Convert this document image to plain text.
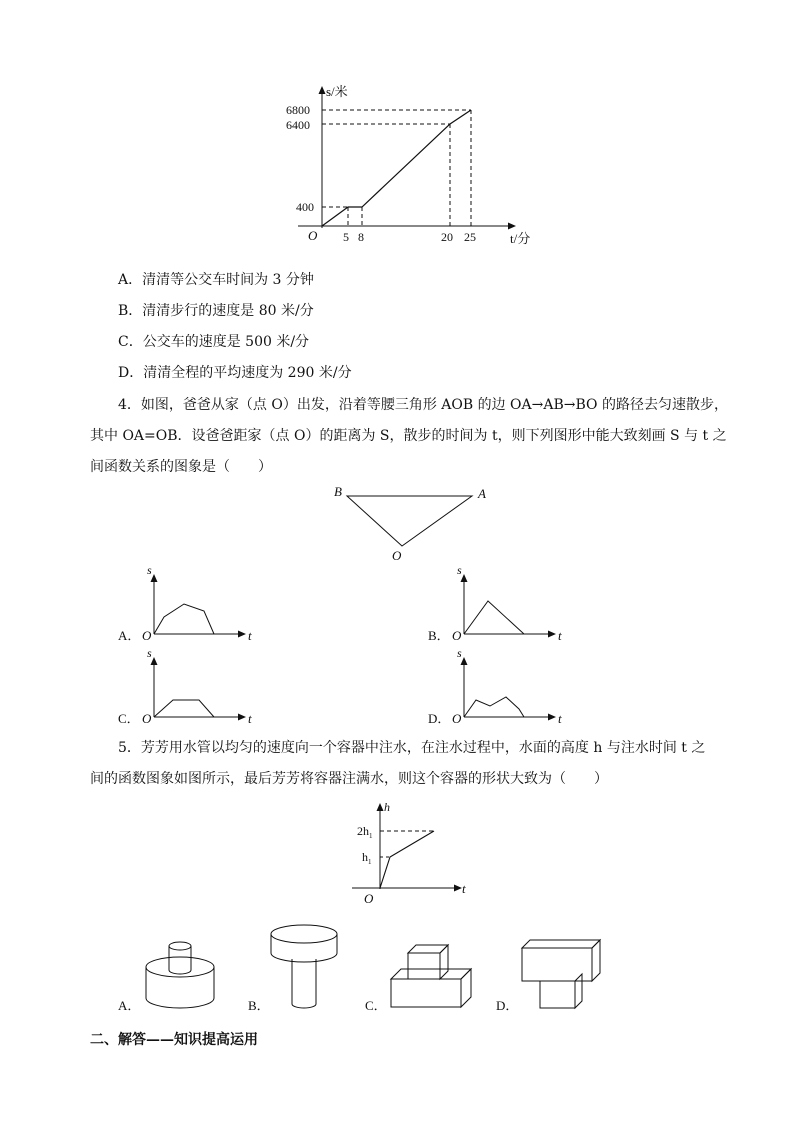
s/米
6800
6400
400
O 5 8	20 25	t/分
A．清清等公交车时间为 3 分钟
B．清清步行的速度是 80 米/分
C．公交车的速度是 500 米/分
D．清清全程的平均速度为 290 米/分
4．如图，爸爸从家（点 O）出发，沿着等腰三角形 AOB 的边 OA→AB→BO 的路径去匀速散步，
其中 OA=OB．设爸爸距家（点 O）的距离为 S，散步的时间为 t，则下列图形中能大致刻画 S 与 t 之
间函数关系的图象是（　　）
B	A
O
A．
s
t
O	B．
s
t
O
C．
s
t
O	D．
s
t
O
5．芳芳用水管以均匀的速度向一个容器中注水，在注水过程中，水面的高度 h 与注水时间 t 之
间的函数图象如图所示，最后芳芳将容器注满水，则这个容器的形状大致为（　　）
h
$2h_1$
$h_1$
O
t
A．	B．	C．	D．
二、解答——知识提高运用
